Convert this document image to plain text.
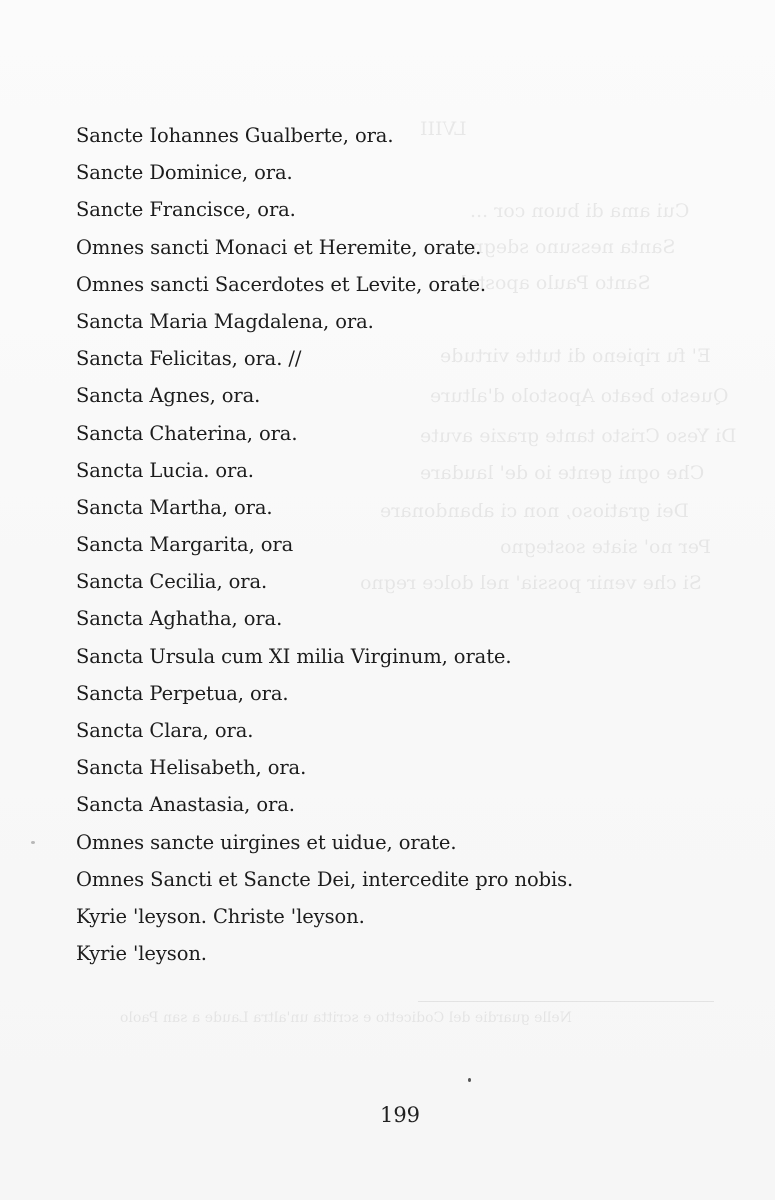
LVIII
Cui ama di buon cor ...
Santa nessuno sdegno
Santo Paulo apostol
E' fu ripieno di tutte virtude
Questo beato Apostolo d'alture
Di Yeso Cristo tante grazie avute
Che ogni gente io de' laudare
Dei gratioso, non ci abandonare
Per no' siate sostegno
Si che venir possia' nel dolce regno
Nelle guardie del Codicetto e scritta un'altra Laude a san Paolo
Sancte Iohannes Gualberte, ora.
Sancte Dominice, ora.
Sancte Francisce, ora.
Omnes sancti Monaci et Heremite, orate.
Omnes sancti Sacerdotes et Levite, orate.
Sancta Maria Magdalena, ora.
Sancta Felicitas, ora. //
Sancta Agnes, ora.
Sancta Chaterina, ora.
Sancta Lucia. ora.
Sancta Martha, ora.
Sancta Margarita, ora
Sancta Cecilia, ora.
Sancta Aghatha, ora.
Sancta Ursula cum XI milia Virginum, orate.
Sancta Perpetua, ora.
Sancta Clara, ora.
Sancta Helisabeth, ora.
Sancta Anastasia, ora.
Omnes sancte uirgines et uidue, orate.
Omnes Sancti et Sancte Dei, intercedite pro nobis.
Kyrie 'leyson. Christe 'leyson.
Kyrie 'leyson.
199
